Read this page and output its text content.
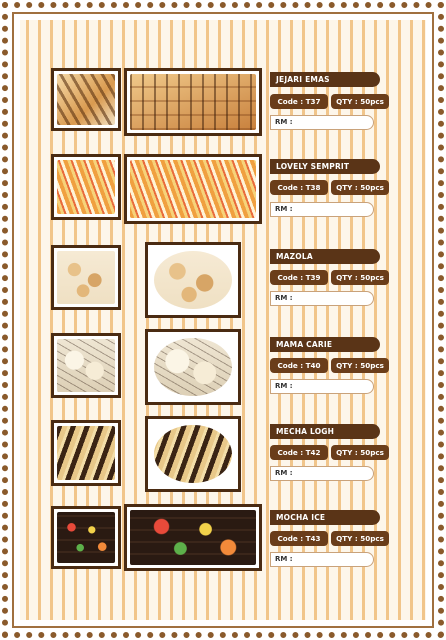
JEJARI EMAS
Code : T37	QTY : 50pcs
RM :
LOVELY SEMPRIT
Code : T38	QTY : 50pcs
RM :
MAZOLA
Code : T39	QTY : 50pcs
RM :
MAMA CARIE
Code : T40	QTY : 50pcs
RM :
MECHA LOGH
Code : T42	QTY : 50pcs
RM :
MOCHA ICE
Code : T43	QTY : 50pcs
RM :
